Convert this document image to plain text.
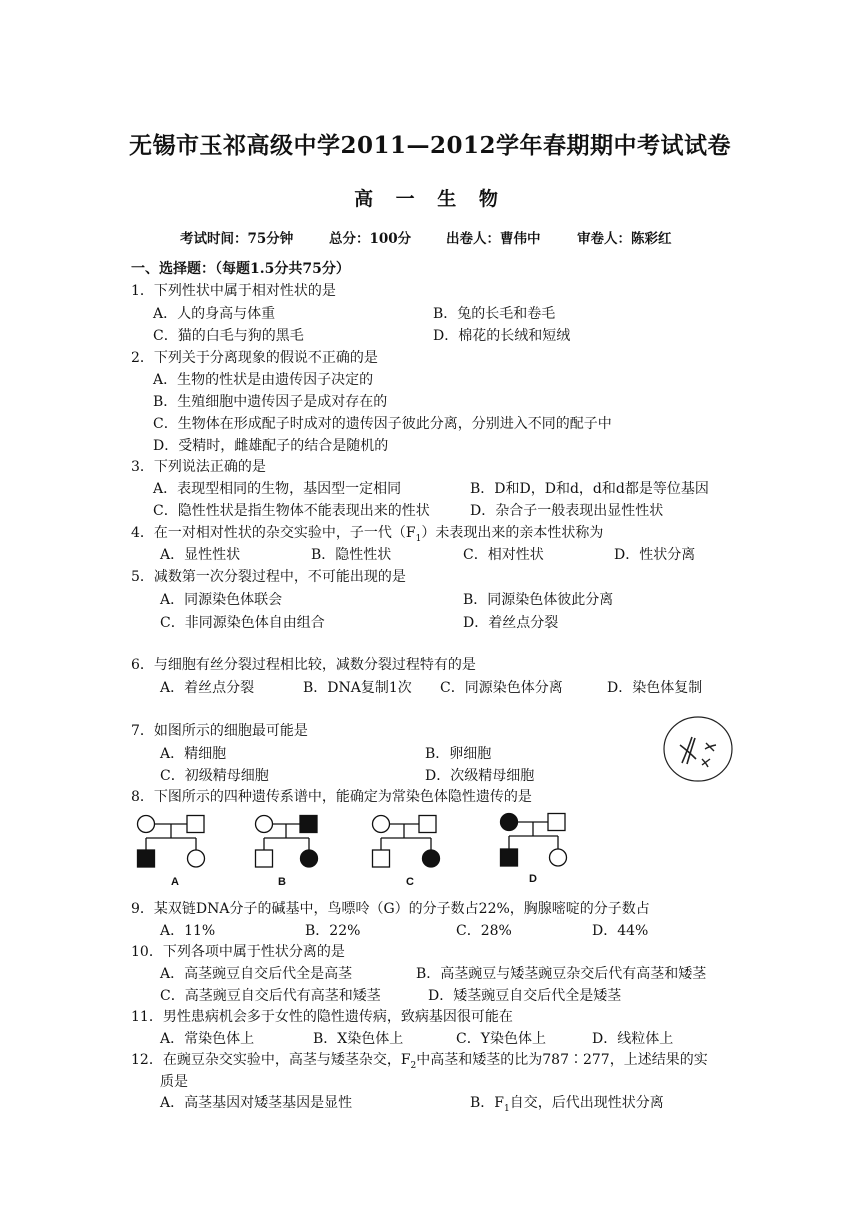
无锡市玉祁高级中学2011—2012学年春期期中考试试卷
高 一 生 物
考试时间：75分钟	总分：100分	出卷人：曹伟中	审卷人：陈彩红
一、选择题：（每题1.5分共75分）
1．下列性状中属于相对性状的是
A．人的身高与体重	B．兔的长毛和卷毛
C．猫的白毛与狗的黑毛	D．棉花的长绒和短绒
2．下列关于分离现象的假说不正确的是
A．生物的性状是由遗传因子决定的
B．生殖细胞中遗传因子是成对存在的
C．生物体在形成配子时成对的遗传因子彼此分离，分别进入不同的配子中
D．受精时，雌雄配子的结合是随机的
3．下列说法正确的是
A．表现型相同的生物，基因型一定相同	B．D和D，D和d，d和d都是等位基因
C．隐性性状是指生物体不能表现出来的性状	D．杂合子一般表现出显性性状
4．在一对相对性状的杂交实验中，子一代$(F_1)$未表现出来的亲本性状称为
A．显性性状	B．隐性性状	C．相对性状	D．性状分离
5．减数第一次分裂过程中，不可能出现的是
A．同源染色体联会	B．同源染色体彼此分离
C．非同源染色体自由组合	D．着丝点分裂
6．与细胞有丝分裂过程相比较，减数分裂过程特有的是
A．着丝点分裂	B．DNA复制1次 C．同源染色体分离	D．染色体复制
7．如图所示的细胞最可能是
A．精细胞	B．卵细胞
C．初级精母细胞	D．次级精母细胞
8．下图所示的四种遗传系谱中，能确定为常染色体隐性遗传的是
A	B	C	D
9．某双链DNA分子的碱基中，鸟嘌呤（G）的分子数占22%，胸腺嘧啶的分子数占
A．11%	B．22%	C．28%	D．44%
10．下列各项中属于性状分离的是
A．高茎豌豆自交后代全是高茎	B．高茎豌豆与矮茎豌豆杂交后代有高茎和矮茎
C．高茎豌豆自交后代有高茎和矮茎	D．矮茎豌豆自交后代全是矮茎
11．男性患病机会多于女性的隐性遗传病，致病基因很可能在
A．常染色体上	B．X染色体上	C．Y染色体上	D．线粒体上
12．在豌豆杂交实验中，高茎与矮茎杂交，$F_2$中高茎和矮茎的比为787∶277，上述结果的实
质是
A．高茎基因对矮茎基因是显性	B．$F_1$自交，后代出现性状分离
